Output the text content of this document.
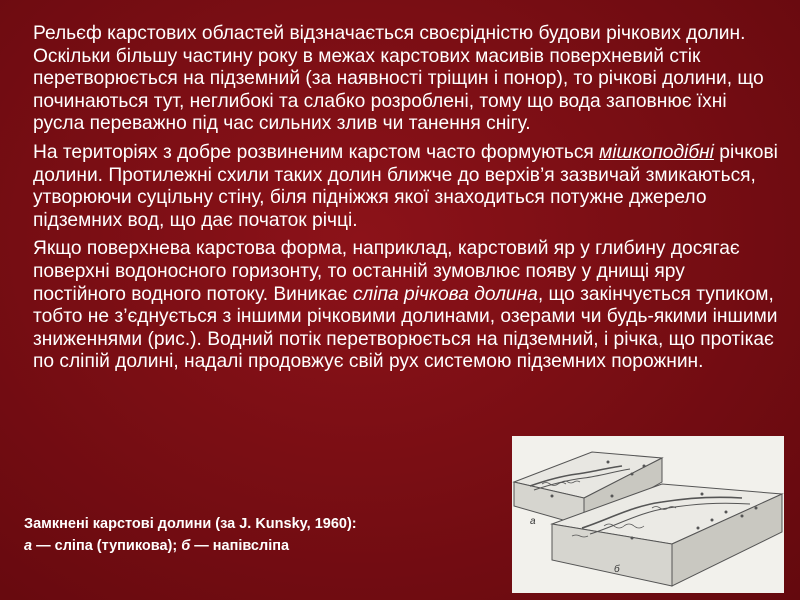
Рельєф карстових областей відзначається своєрідністю будови річкових долин. Оскільки більшу частину року в межах карстових масивів поверхневий стік перетворюється на підземний (за наявності тріщин і понор), то річкові долини, що починаються тут, неглибокі та слабко розроблені, тому що вода заповнює їхні русла переважно під час сильних злив чи танення снігу.

На територіях з добре розвиненим карстом часто формуються мішкоподібні річкові долини. Протилежні схили таких долин ближче до верхів’я зазвичай змикаються, утворюючи суцільну стіну, біля підніжжя якої знаходиться потужне джерело підземних вод, що дає початок річці.

Якщо поверхнева карстова форма, наприклад, карстовий яр у глибину досягає поверхні водоносного горизонту, то останній зумовлює появу у днищі яру постійного водного потоку. Виникає сліпа річкова долина, що закінчується тупиком, тобто не з’єднується з іншими річковими долинами, озерами чи будь-якими іншими зниженнями (рис.). Водний потік перетворюється на підземний, і річка, що протікає по сліпій долині, надалі продовжує свій рух системою підземних порожнин.

Замкнені карстові долини (за J. Kunsky, 1960):
а — сліпа (тупикова); б — напівсліпа
а
б
